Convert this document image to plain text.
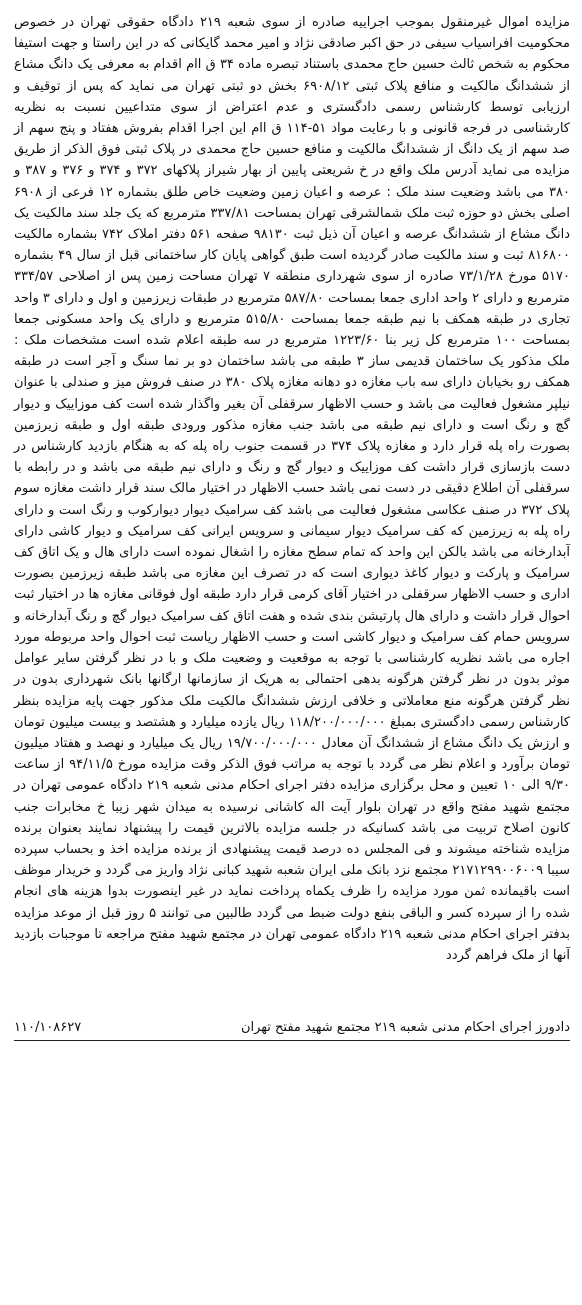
مزایده اموال غیرمنقول بموجب اجراییه صادره از سوی شعبه ۲۱۹ دادگاه حقوقی تهران در خصوص محکومیت افراسیاب سیفی در حق اکبر صادقی نژاد و امیر محمد گایکانی که در این راستا و جهت استیفا محکوم به شخص ثالث حسین حاج محمدی باستناد تبصره ماده ۳۴ ق اام اقدام به معرفی یک دانگ مشاع از ششدانگ مالکیت و منافع پلاک ثبتی ۶۹۰۸/۱۲ بخش دو ثبتی تهران می نماید که پس از توقیف و ارزیابی توسط کارشناس رسمی دادگستری و عدم اعتراض از سوی متداعیین نسبت به نظریه کارشناسی در فرجه قانونی و با رعایت مواد ۵۱-۱۱۴ ق اام این اجرا اقدام بفروش هفتاد و پنج سهم از صد سهم از یک دانگ از ششدانگ مالکیت و منافع حسین حاج محمدی در پلاک ثبتی فوق الذکر از طریق مزایده می نماید آدرس ملک واقع در خ شریعتی پایین از بهار شیراز پلاکهای ۳۷۲ و ۳۷۴ و ۳۷۶ و ۳۸۷ و ۳۸۰ می باشد وضعیت سند ملک : عرصه و اعیان زمین وضعیت خاص طلق بشماره ۱۲ فرعی از ۶۹۰۸ اصلی بخش دو حوزه ثبت ملک شمالشرقی تهران بمساحت ۳۳۷/۸۱ مترمربع که یک جلد سند مالکیت یک دانگ مشاع از ششدانگ عرصه و اعیان آن ذیل ثبت ۹۸۱۳۰ صفحه ۵۶۱ دفتر املاک ۷۴۲ بشماره مالکیت ۸۱۶۸۰۰ ثبت و سند مالکیت صادر گردیده است طبق گواهی پایان کار ساختمانی قبل از سال ۴۹ بشماره ۵۱۷۰ مورخ ۷۳/۱/۲۸ صادره از سوی شهرداری منطقه ۷ تهران مساحت زمین پس از اصلاحی ۳۳۴/۵۷ مترمربع و دارای ۲ واحد اداری جمعا بمساحت ۵۸۷/۸۰ مترمربع در طبقات زیرزمین و اول و دارای ۳ واحد تجاری در طبقه همکف با نیم طبقه جمعا بمساحت ۵۱۵/۸۰ مترمربع و دارای یک واحد مسکونی جمعا بمساحت ۱۰۰ مترمربع کل زیر بنا ۱۲۲۳/۶۰ مترمربع در سه طبقه اعلام شده است مشخصات ملک : ملک مذکور یک ساختمان قدیمی ساز ۳ طبقه می باشد ساختمان دو بر نما سنگ و آجر است در طبقه همکف رو بخیابان دارای سه باب مغازه دو دهانه مغازه پلاک ۳۸۰ در صنف فروش میز و صندلی با عنوان نیلپر مشغول فعالیت می باشد و حسب الاظهار سرقفلی آن بغیر واگذار شده است کف موزاییک و دیوار گچ و رنگ است و دارای نیم طبقه می باشد جنب مغازه مذکور ورودی طبقه اول و طبقه زیرزمین بصورت راه پله قرار دارد و مغازه پلاک ۳۷۴ در قسمت جنوب راه پله که به هنگام بازدید کارشناس در دست بازسازی قرار داشت کف موزاییک و دیوار گچ و رنگ و دارای نیم طبقه می باشد و در رابطه با سرقفلی آن اطلاع دقیقی در دست نمی باشد حسب الاظهار در اختیار مالک سند قرار داشت مغازه سوم پلاک ۳۷۲ در صنف عکاسی مشغول فعالیت می باشد کف سرامیک دیوار دیوارکوب و رنگ است و دارای راه پله به زیرزمین که کف سرامیک دیوار سیمانی و سرویس ایرانی کف سرامیک و دیوار کاشی دارای آبدارخانه می باشد بالکن این واحد که تمام سطح مغازه را اشغال نموده است دارای هال و یک اتاق کف سرامیک و پارکت و دیوار کاغذ دیواری است که در تصرف این مغازه می باشد طبقه زیرزمین بصورت اداری و حسب الاظهار سرقفلی در اختیار آقای کرمی قرار دارد طبقه اول فوقانی مغازه ها در اختیار ثبت احوال قرار داشت و دارای هال پارتیشن بندی شده و هفت اتاق کف سرامیک دیوار گچ و رنگ آبدارخانه و سرویس حمام کف سرامیک و دیوار کاشی است و حسب الاظهار ریاست ثبت احوال واحد مربوطه مورد اجاره می باشد نظریه کارشناسی با توجه به موقعیت و وضعیت ملک و با در نظر گرفتن سایر عوامل موثر بدون در نظر گرفتن هرگونه بدهی احتمالی به هریک از سازمانها ارگانها بانک شهرداری بدون در نظر گرفتن هرگونه منع معاملاتی و خلافی ارزش ششدانگ مالکیت ملک مذکور جهت پایه مزایده بنظر کارشناس رسمی دادگستری بمبلغ ۱۱۸/۲۰۰/۰۰۰/۰۰۰ ریال یازده میلیارد و هشتصد و بیست میلیون تومان و ارزش یک دانگ مشاع از ششدانگ آن معادل ۱۹/۷۰۰/۰۰۰/۰۰۰ ریال یک میلیارد و نهصد و هفتاد میلیون تومان برآورد و اعلام نظر می گردد با توجه به مراتب فوق الذکر وقت مزایده مورخ ۹۴/۱۱/۵ از ساعت ۹/۳۰ الی ۱۰ تعیین و محل برگزاری مزایده دفتر اجرای احکام مدنی شعبه ۲۱۹ دادگاه عمومی تهران در مجتمع شهید مفتح واقع در تهران بلوار آیت اله کاشانی نرسیده به میدان شهر زیبا خ مخابرات جنب کانون اصلاح تربیت می باشد کسانیکه در جلسه مزایده بالاترین قیمت را پیشنهاد نمایند بعنوان برنده مزایده شناخته میشوند و فی المجلس ده درصد قیمت پیشنهادی از برنده مزایده اخذ و بحساب سپرده سیبا ۲۱۷۱۲۹۹۰۰۶۰۰۹ مجتمع نزد بانک ملی ایران شعبه شهید کبانی نژاد واریز می گردد و خریدار موظف است باقیمانده ثمن مورد مزایده را ظرف یکماه پرداخت نماید در غیر اینصورت بدوا هزینه های انجام شده را از سپرده کسر و الباقی بنفع دولت ضبط می گردد طالبین می توانند ۵ روز قبل از موعد مزایده بدفتر اجرای احکام مدنی شعبه ۲۱۹ دادگاه عمومی تهران در مجتمع شهید مفتح مراجعه تا موجبات بازدید آنها از ملک فراهم گردد

دادورز اجرای احکام مدنی شعبه ۲۱۹ مجتمع شهید مفتح تهران
۱۱۰/۱۰۸۶۲۷
